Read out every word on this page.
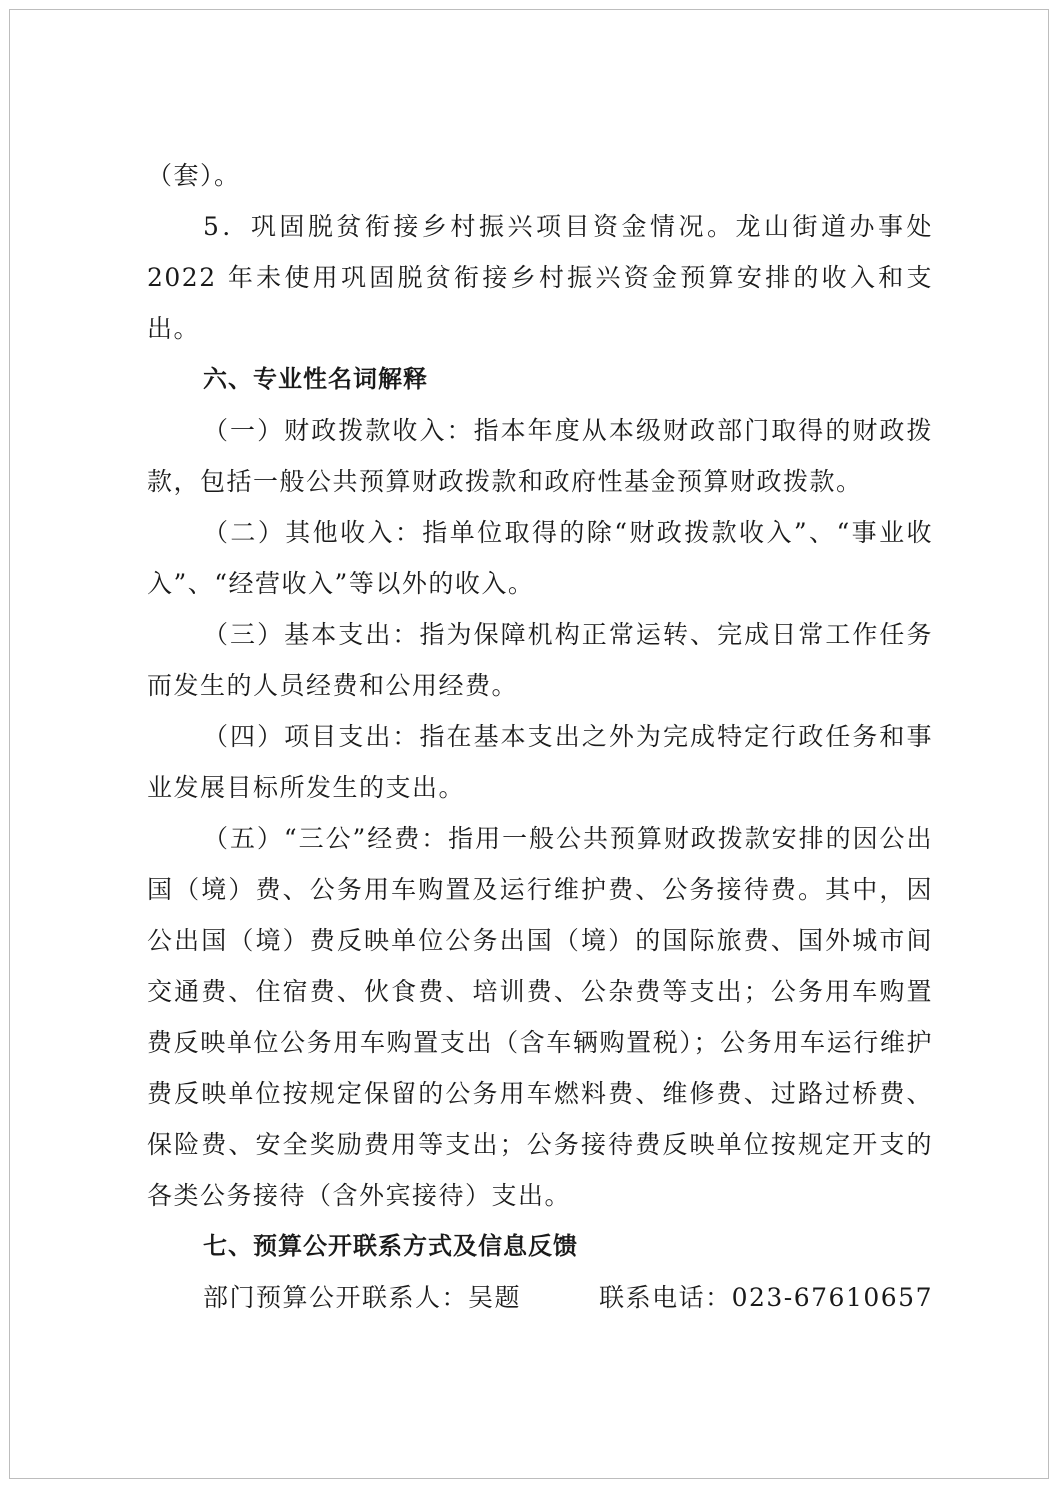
（套）。

5．巩固脱贫衔接乡村振兴项目资金情况。龙山街道办事处 2022 年未使用巩固脱贫衔接乡村振兴资金预算安排的收入和支出。

六、专业性名词解释

（一）财政拨款收入：指本年度从本级财政部门取得的财政拨款，包括一般公共预算财政拨款和政府性基金预算财政拨款。

（二）其他收入：指单位取得的除“财政拨款收入”、“事业收入”、“经营收入”等以外的收入。

（三）基本支出：指为保障机构正常运转、完成日常工作任务而发生的人员经费和公用经费。

（四）项目支出：指在基本支出之外为完成特定行政任务和事业发展目标所发生的支出。

（五）“三公”经费：指用一般公共预算财政拨款安排的因公出国（境）费、公务用车购置及运行维护费、公务接待费。其中，因公出国（境）费反映单位公务出国（境）的国际旅费、国外城市间交通费、住宿费、伙食费、培训费、公杂费等支出；公务用车购置费反映单位公务用车购置支出（含车辆购置税）；公务用车运行维护费反映单位按规定保留的公务用车燃料费、维修费、过路过桥费、保险费、安全奖励费用等支出；公务接待费反映单位按规定开支的各类公务接待（含外宾接待）支出。

七、预算公开联系方式及信息反馈
部门预算公开联系人：吴题	联系电话：023-67610657
